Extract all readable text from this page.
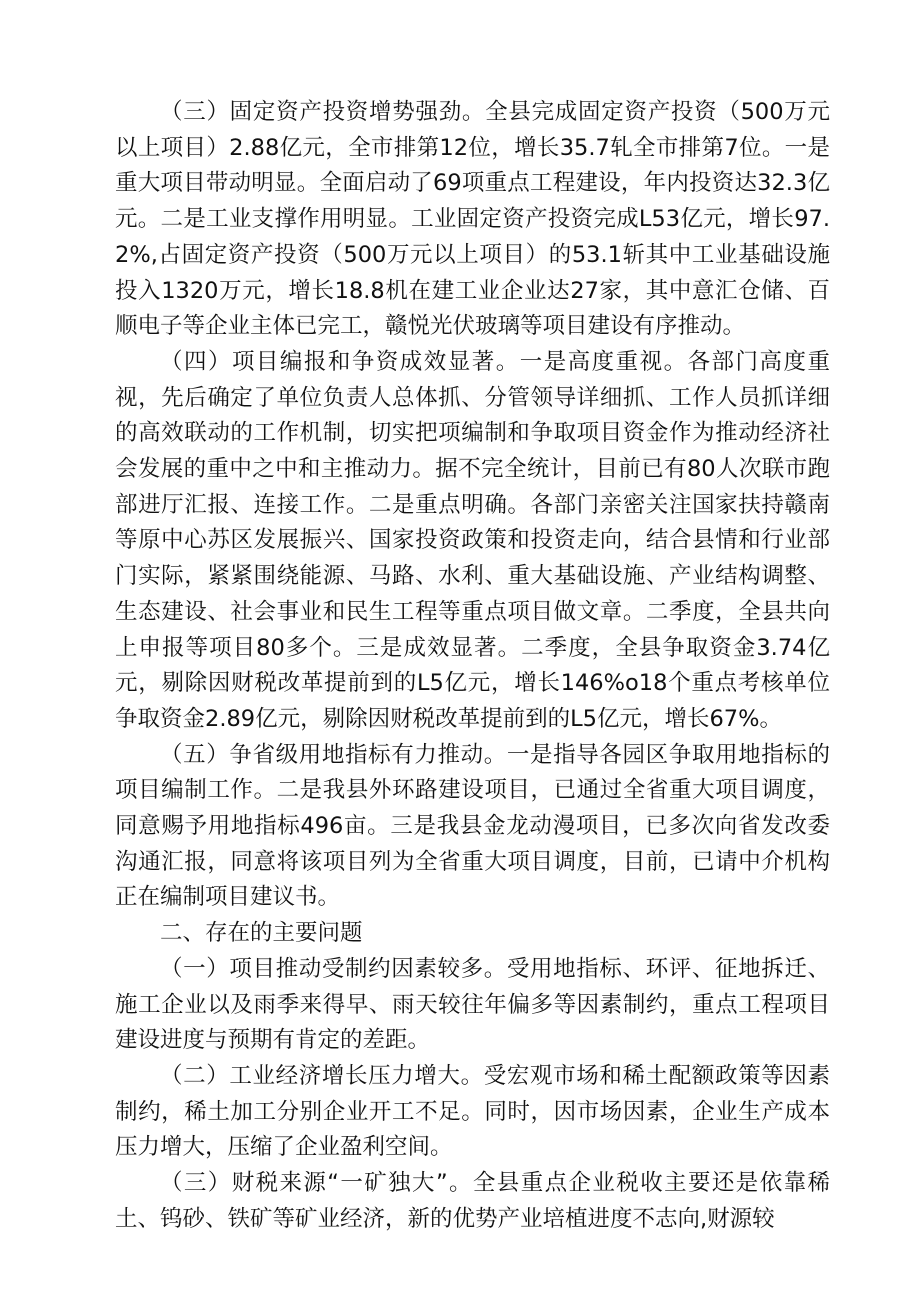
（三）固定资产投资增势强劲。全县完成固定资产投资（500万元以上项目）2.88亿元，全市排第12位，增长35.7轧全市排第7位。一是重大项目带动明显。全面启动了69项重点工程建设，年内投资达32.3亿元。二是工业支撑作用明显。工业固定资产投资完成L53亿元，增长97.2%,占固定资产投资（500万元以上项目）的53.1斩其中工业基础设施投入1320万元，增长18.8机在建工业企业达27家，其中意汇仓储、百顺电子等企业主体已完工，赣悦光伏玻璃等项目建设有序推动。

（四）项目编报和争资成效显著。一是高度重视。各部门高度重视，先后确定了单位负责人总体抓、分管领导详细抓、工作人员抓详细的高效联动的工作机制，切实把项编制和争取项目资金作为推动经济社会发展的重中之中和主推动力。据不完全统计，目前已有80人次联市跑部进厅汇报、连接工作。二是重点明确。各部门亲密关注国家扶持赣南等原中心苏区发展振兴、国家投资政策和投资走向，结合县情和行业部门实际，紧紧围绕能源、马路、水利、重大基础设施、产业结构调整、生态建设、社会事业和民生工程等重点项目做文章。二季度，全县共向上申报等项目80多个。三是成效显著。二季度，全县争取资金3.74亿元，剔除因财税改革提前到的L5亿元，增长146%o18个重点考核单位争取资金2.89亿元，剔除因财税改革提前到的L5亿元，增长67%。

（五）争省级用地指标有力推动。一是指导各园区争取用地指标的项目编制工作。二是我县外环路建设项目，已通过全省重大项目调度，同意赐予用地指标496亩。三是我县金龙动漫项目，已多次向省发改委沟通汇报，同意将该项目列为全省重大项目调度，目前，已请中介机构正在编制项目建议书。

二、存在的主要问题

（一）项目推动受制约因素较多。受用地指标、环评、征地拆迁、施工企业以及雨季来得早、雨天较往年偏多等因素制约，重点工程项目建设进度与预期有肯定的差距。

（二）工业经济增长压力增大。受宏观市场和稀土配额政策等因素制约，稀土加工分别企业开工不足。同时，因市场因素，企业生产成本压力增大，压缩了企业盈利空间。

（三）财税来源“一矿独大”。全县重点企业税收主要还是依靠稀土、钨砂、铁矿等矿业经济，新的优势产业培植进度不志向,财源较
